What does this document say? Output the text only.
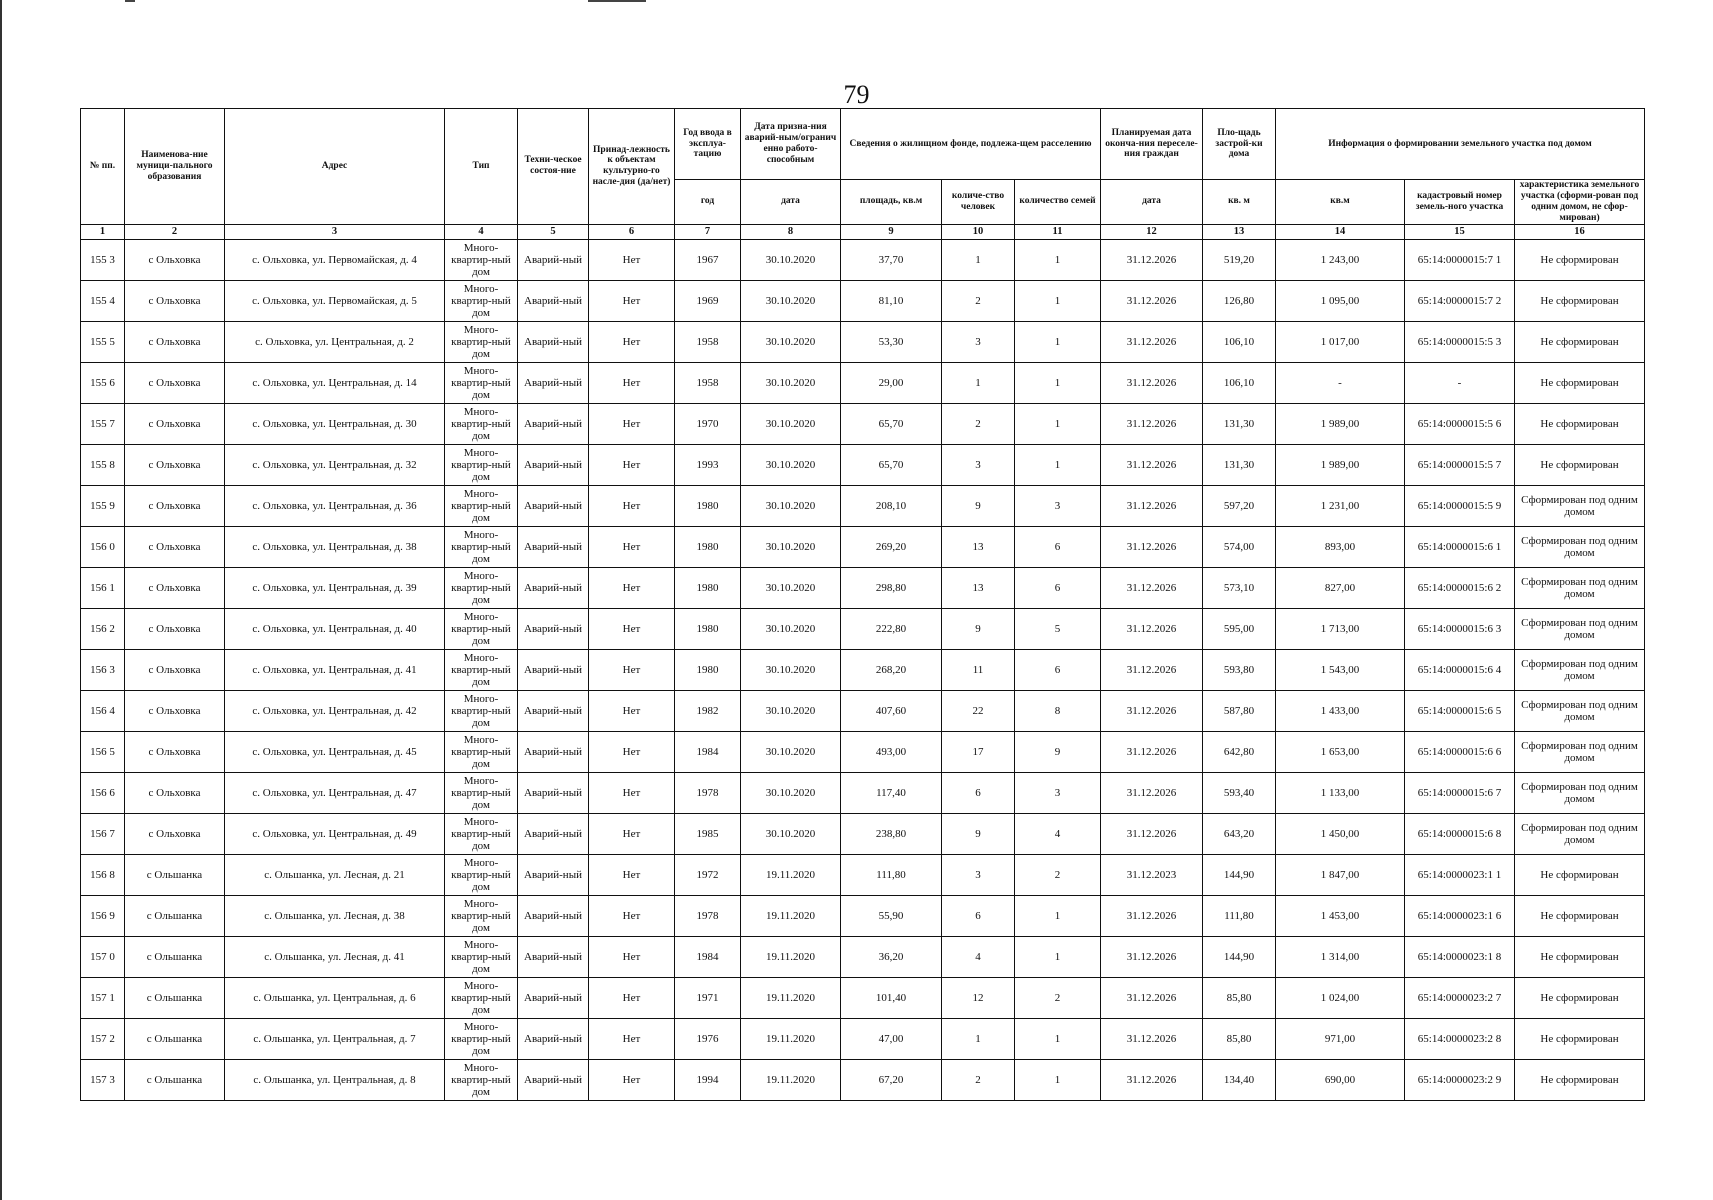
79
№ пп.	Наименова-ние муници-пального образования	Адрес	Тип	Техни-ческое состоя-ние	Принад-лежность к объектам культурно-го насле-дия (да/нет)	Год ввода в эксплуа-тацию	Дата призна-ния аварий-ным/огранич енно работо-способным	Сведения о жилищном фонде, подлежа-щем расселению			Планируемая дата оконча-ния переселе-ния граждан	Пло-щадь застрой-ки дома	Информация о формировании земельного участка под домом		
						год	дата	площадь, кв.м	количе-ство человек	количество семей	дата	кв. м	кв.м	кадастровый номер земель-ного участка	характеристика земельного участка (сформи-рован под одним домом, не сфор-мирован)
1	2	3	4	5	6	7	8	9	10	11	12	13	14	15	16
155 3	с Ольховка	с. Ольховка, ул. Первомайская, д. 4	Много-квартир-ный дом	Аварий-ный	Нет	1967	30.10.2020	37,70	1	1	31.12.2026	519,20	1 243,00	65:14:0000015:7 1	Не сформирован
155 4	с Ольховка	с. Ольховка, ул. Первомайская, д. 5	Много-квартир-ный дом	Аварий-ный	Нет	1969	30.10.2020	81,10	2	1	31.12.2026	126,80	1 095,00	65:14:0000015:7 2	Не сформирован
155 5	с Ольховка	с. Ольховка, ул. Центральная, д. 2	Много-квартир-ный дом	Аварий-ный	Нет	1958	30.10.2020	53,30	3	1	31.12.2026	106,10	1 017,00	65:14:0000015:5 3	Не сформирован
155 6	с Ольховка	с. Ольховка, ул. Центральная, д. 14	Много-квартир-ный дом	Аварий-ный	Нет	1958	30.10.2020	29,00	1	1	31.12.2026	106,10	-	-	Не сформирован
155 7	с Ольховка	с. Ольховка, ул. Центральная, д. 30	Много-квартир-ный дом	Аварий-ный	Нет	1970	30.10.2020	65,70	2	1	31.12.2026	131,30	1 989,00	65:14:0000015:5 6	Не сформирован
155 8	с Ольховка	с. Ольховка, ул. Центральная, д. 32	Много-квартир-ный дом	Аварий-ный	Нет	1993	30.10.2020	65,70	3	1	31.12.2026	131,30	1 989,00	65:14:0000015:5 7	Не сформирован
155 9	с Ольховка	с. Ольховка, ул. Центральная, д. 36	Много-квартир-ный дом	Аварий-ный	Нет	1980	30.10.2020	208,10	9	3	31.12.2026	597,20	1 231,00	65:14:0000015:5 9	Сформирован под одним домом
156 0	с Ольховка	с. Ольховка, ул. Центральная, д. 38	Много-квартир-ный дом	Аварий-ный	Нет	1980	30.10.2020	269,20	13	6	31.12.2026	574,00	893,00	65:14:0000015:6 1	Сформирован под одним домом
156 1	с Ольховка	с. Ольховка, ул. Центральная, д. 39	Много-квартир-ный дом	Аварий-ный	Нет	1980	30.10.2020	298,80	13	6	31.12.2026	573,10	827,00	65:14:0000015:6 2	Сформирован под одним домом
156 2	с Ольховка	с. Ольховка, ул. Центральная, д. 40	Много-квартир-ный дом	Аварий-ный	Нет	1980	30.10.2020	222,80	9	5	31.12.2026	595,00	1 713,00	65:14:0000015:6 3	Сформирован под одним домом
156 3	с Ольховка	с. Ольховка, ул. Центральная, д. 41	Много-квартир-ный дом	Аварий-ный	Нет	1980	30.10.2020	268,20	11	6	31.12.2026	593,80	1 543,00	65:14:0000015:6 4	Сформирован под одним домом
156 4	с Ольховка	с. Ольховка, ул. Центральная, д. 42	Много-квартир-ный дом	Аварий-ный	Нет	1982	30.10.2020	407,60	22	8	31.12.2026	587,80	1 433,00	65:14:0000015:6 5	Сформирован под одним домом
156 5	с Ольховка	с. Ольховка, ул. Центральная, д. 45	Много-квартир-ный дом	Аварий-ный	Нет	1984	30.10.2020	493,00	17	9	31.12.2026	642,80	1 653,00	65:14:0000015:6 6	Сформирован под одним домом
156 6	с Ольховка	с. Ольховка, ул. Центральная, д. 47	Много-квартир-ный дом	Аварий-ный	Нет	1978	30.10.2020	117,40	6	3	31.12.2026	593,40	1 133,00	65:14:0000015:6 7	Сформирован под одним домом
156 7	с Ольховка	с. Ольховка, ул. Центральная, д. 49	Много-квартир-ный дом	Аварий-ный	Нет	1985	30.10.2020	238,80	9	4	31.12.2026	643,20	1 450,00	65:14:0000015:6 8	Сформирован под одним домом
156 8	с Ольшанка	с. Ольшанка, ул. Лесная, д. 21	Много-квартир-ный дом	Аварий-ный	Нет	1972	19.11.2020	111,80	3	2	31.12.2023	144,90	1 847,00	65:14:0000023:1 1	Не сформирован
156 9	с Ольшанка	с. Ольшанка, ул. Лесная, д. 38	Много-квартир-ный дом	Аварий-ный	Нет	1978	19.11.2020	55,90	6	1	31.12.2026	111,80	1 453,00	65:14:0000023:1 6	Не сформирован
157 0	с Ольшанка	с. Ольшанка, ул. Лесная, д. 41	Много-квартир-ный дом	Аварий-ный	Нет	1984	19.11.2020	36,20	4	1	31.12.2026	144,90	1 314,00	65:14:0000023:1 8	Не сформирован
157 1	с Ольшанка	с. Ольшанка, ул. Центральная, д. 6	Много-квартир-ный дом	Аварий-ный	Нет	1971	19.11.2020	101,40	12	2	31.12.2026	85,80	1 024,00	65:14:0000023:2 7	Не сформирован
157 2	с Ольшанка	с. Ольшанка, ул. Центральная, д. 7	Много-квартир-ный дом	Аварий-ный	Нет	1976	19.11.2020	47,00	1	1	31.12.2026	85,80	971,00	65:14:0000023:2 8	Не сформирован
157 3	с Ольшанка	с. Ольшанка, ул. Центральная, д. 8	Много-квартир-ный дом	Аварий-ный	Нет	1994	19.11.2020	67,20	2	1	31.12.2026	134,40	690,00	65:14:0000023:2 9	Не сформирован
